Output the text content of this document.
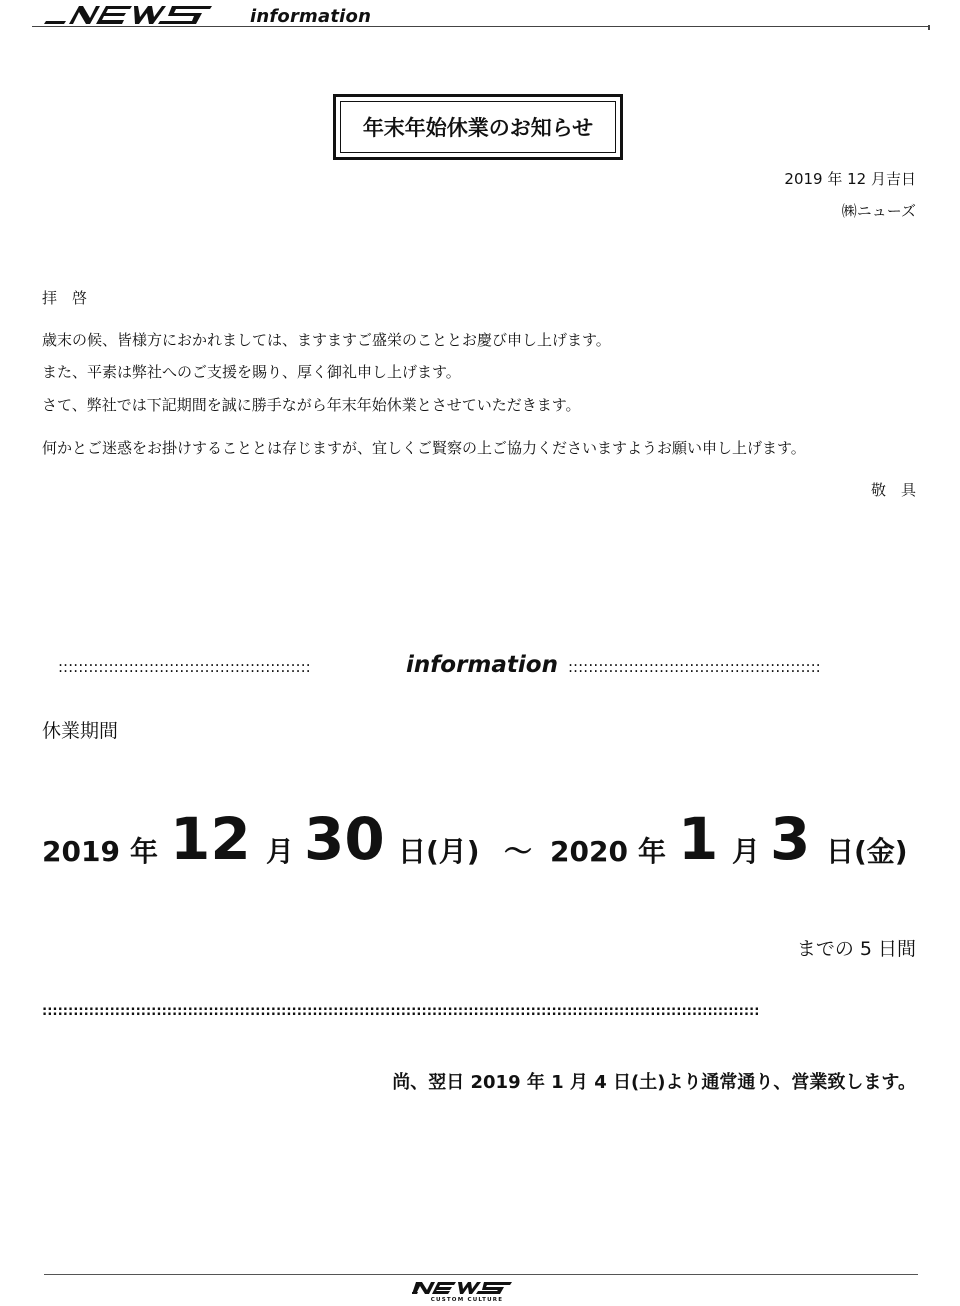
information
年末年始休業のお知らせ
2019 年 12 月吉日
㈱ニューズ
拝　啓
歳末の候、皆様方におかれましては、ますますご盛栄のこととお慶び申し上げます。
また、平素は弊社へのご支援を賜り、厚く御礼申し上げます。
さて、弊社では下記期間を誠に勝手ながら年末年始休業とさせていただきます。
何かとご迷惑をお掛けすることとは存じますが、宜しくご賢察の上ご協力くださいますようお願い申し上げます。
敬　具
::::::::::::::::::::::::::::::::::::::::::::::::::	information ::::::::::::::::::::::::::::::::::::::::::::::::::
休業期間
2019 年 12 月 30 日(月) ～ 2020 年 1 月 3 日(金)
までの 5 日間
::::::::::::::::::::::::::::::::::::::::::::::::::::::::::::::::::::::::::::::::::::::::::::::::::::::::::::::::::::::::::::::::::::::::::
尚、翌日 2019 年 1 月 4 日(土)より通常通り、営業致します。
CUSTOM CULTURE
